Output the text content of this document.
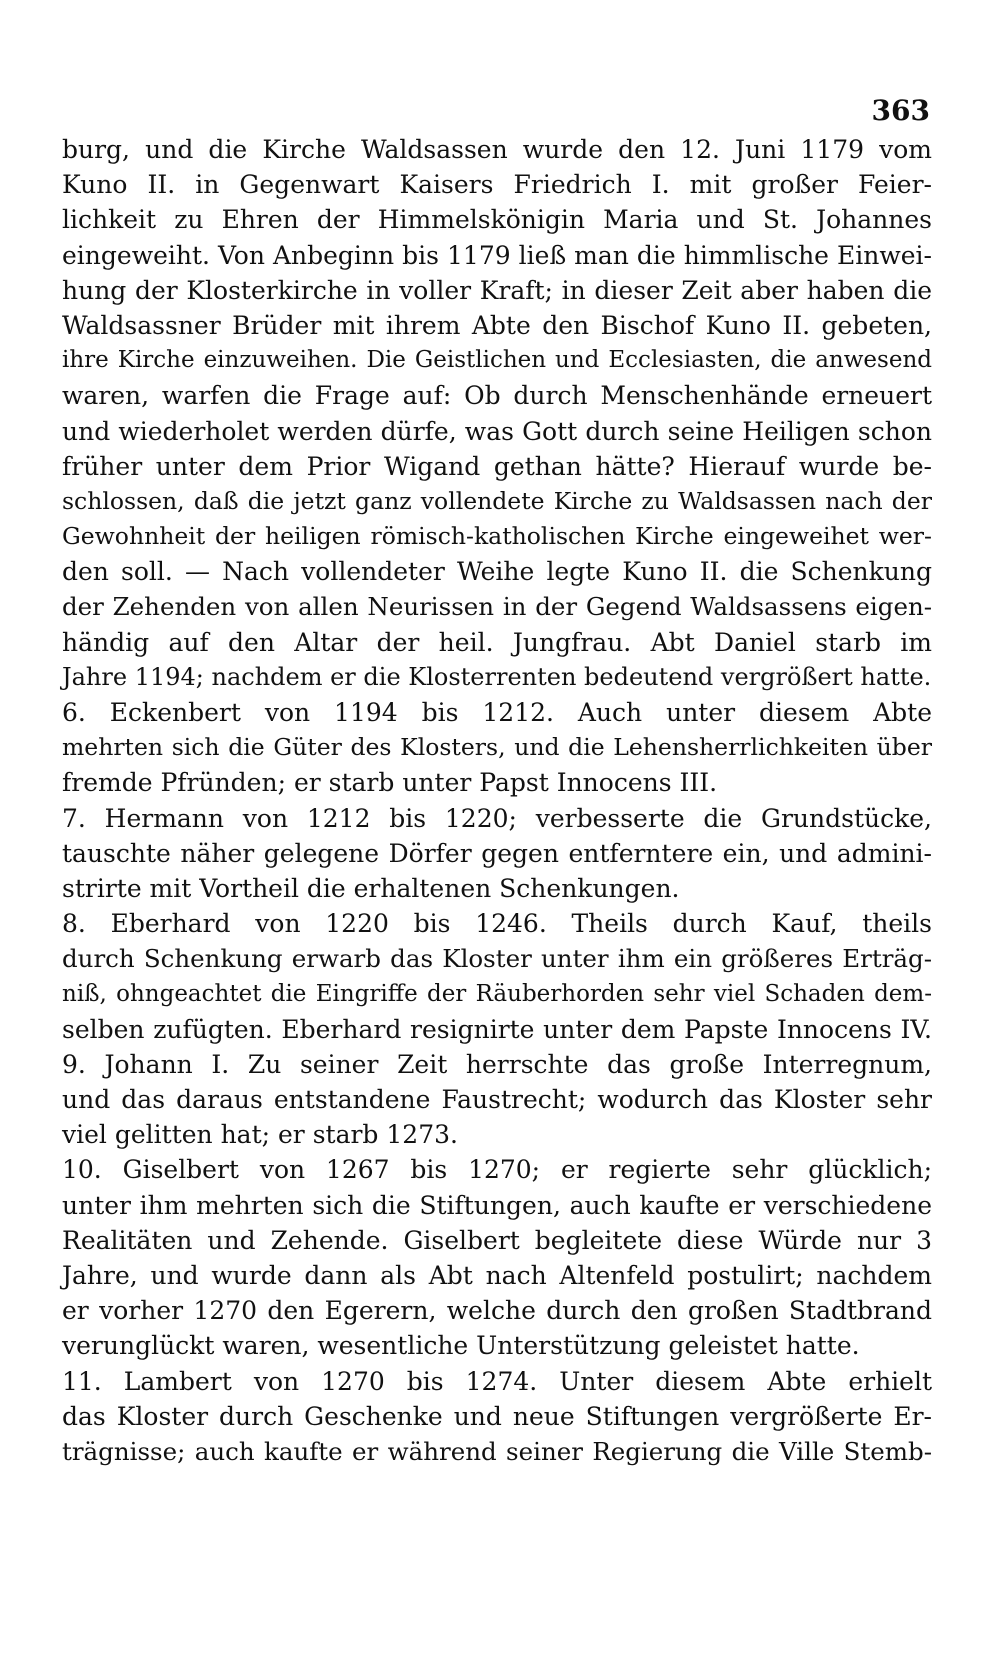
363
burg, und die Kirche Waldsassen wurde den 12. Juni 1179 vom
Kuno II. in Gegenwart Kaisers Friedrich I. mit großer Feier-
lichkeit zu Ehren der Himmelskönigin Maria und St. Johannes
eingeweiht. Von Anbeginn bis 1179 ließ man die himmlische Einwei-
hung der Klosterkirche in voller Kraft; in dieser Zeit aber haben die
Waldsassner Brüder mit ihrem Abte den Bischof Kuno II. gebeten,
ihre Kirche einzuweihen. Die Geistlichen und Ecclesiasten, die anwesend
waren, warfen die Frage auf: Ob durch Menschenhände erneuert
und wiederholet werden dürfe, was Gott durch seine Heiligen schon
früher unter dem Prior Wigand gethan hätte? Hierauf wurde be-
schlossen, daß die jetzt ganz vollendete Kirche zu Waldsassen nach der
Gewohnheit der heiligen römisch-katholischen Kirche eingeweihet wer-
den soll. — Nach vollendeter Weihe legte Kuno II. die Schenkung
der Zehenden von allen Neurissen in der Gegend Waldsassens eigen-
händig auf den Altar der heil. Jungfrau. Abt Daniel starb im
Jahre 1194; nachdem er die Klosterrenten bedeutend vergrößert hatte.
6. Eckenbert von 1194 bis 1212. Auch unter diesem Abte
mehrten sich die Güter des Klosters, und die Lehensherrlichkeiten über
fremde Pfründen; er starb unter Papst Innocens III.
7. Hermann von 1212 bis 1220; verbesserte die Grundstücke,
tauschte näher gelegene Dörfer gegen entferntere ein, und admini-
strirte mit Vortheil die erhaltenen Schenkungen.
8. Eberhard von 1220 bis 1246. Theils durch Kauf, theils
durch Schenkung erwarb das Kloster unter ihm ein größeres Erträg-
niß, ohngeachtet die Eingriffe der Räuberhorden sehr viel Schaden dem-
selben zufügten. Eberhard resignirte unter dem Papste Innocens IV.
9. Johann I. Zu seiner Zeit herrschte das große Interregnum,
und das daraus entstandene Faustrecht; wodurch das Kloster sehr
viel gelitten hat; er starb 1273.
10. Giselbert von 1267 bis 1270; er regierte sehr glücklich;
unter ihm mehrten sich die Stiftungen, auch kaufte er verschiedene
Realitäten und Zehende. Giselbert begleitete diese Würde nur 3
Jahre, und wurde dann als Abt nach Altenfeld postulirt; nachdem
er vorher 1270 den Egerern, welche durch den großen Stadtbrand
verunglückt waren, wesentliche Unterstützung geleistet hatte.
11. Lambert von 1270 bis 1274. Unter diesem Abte erhielt
das Kloster durch Geschenke und neue Stiftungen vergrößerte Er-
trägnisse; auch kaufte er während seiner Regierung die Ville Stemb-
